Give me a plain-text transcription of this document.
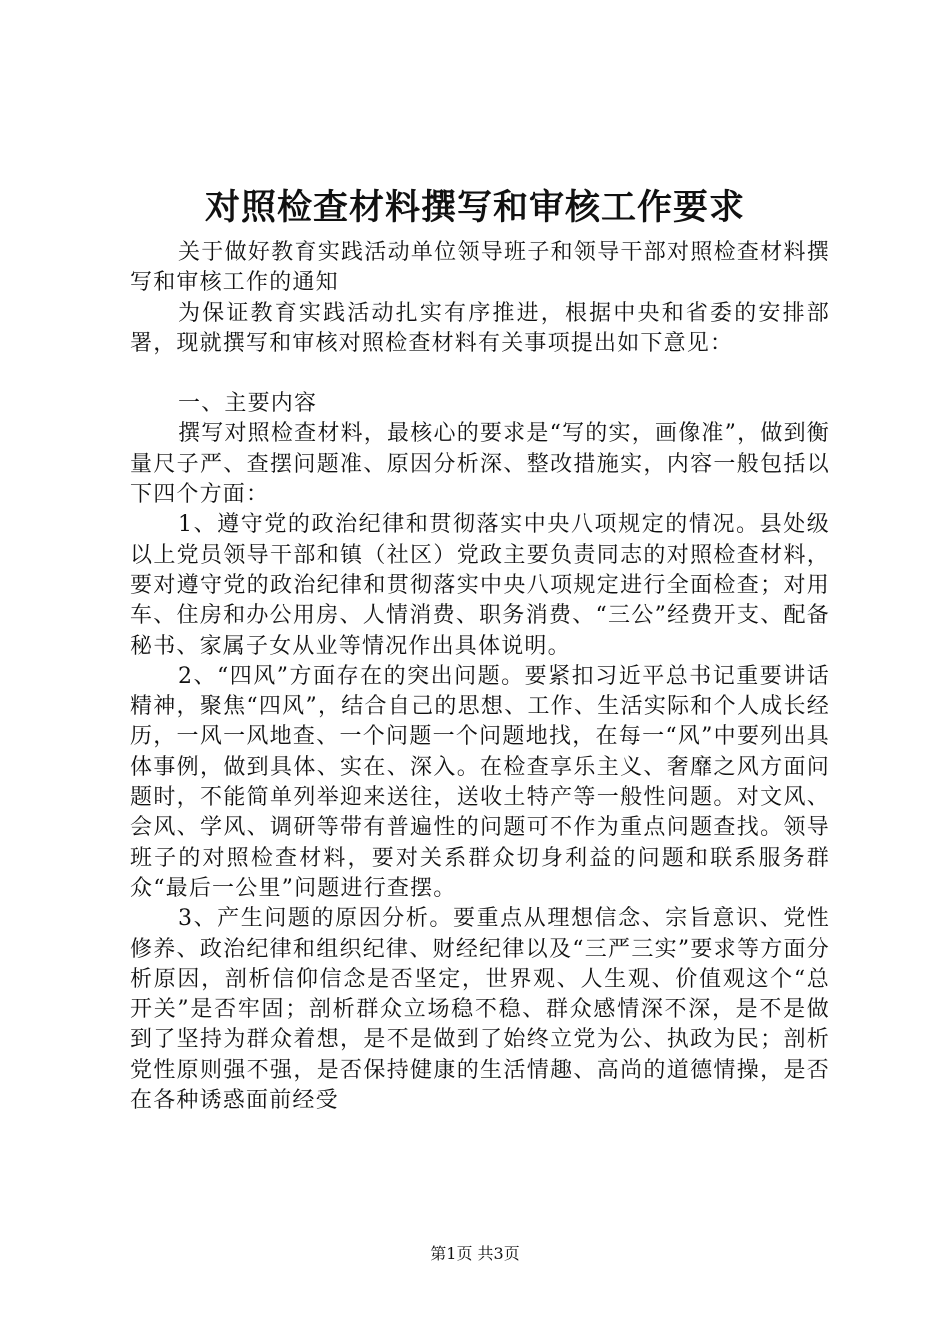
对照检查材料撰写和审核工作要求

关于做好教育实践活动单位领导班子和领导干部对照检查材料撰写和审核工作的通知

为保证教育实践活动扎实有序推进，根据中央和省委的安排部署，现就撰写和审核对照检查材料有关事项提出如下意见：

一、主要内容

撰写对照检查材料，最核心的要求是“写的实，画像准”，做到衡量尺子严、查摆问题准、原因分析深、整改措施实，内容一般包括以下四个方面：

1、遵守党的政治纪律和贯彻落实中央八项规定的情况。县处级以上党员领导干部和镇（社区）党政主要负责同志的对照检查材料，要对遵守党的政治纪律和贯彻落实中央八项规定进行全面检查；对用车、住房和办公用房、人情消费、职务消费、“三公”经费开支、配备秘书、家属子女从业等情况作出具体说明。

2、“四风”方面存在的突出问题。要紧扣习近平总书记重要讲话精神，聚焦“四风”，结合自己的思想、工作、生活实际和个人成长经历，一风一风地查、一个问题一个问题地找，在每一“风”中要列出具体事例，做到具体、实在、深入。在检查享乐主义、奢靡之风方面问题时，不能简单列举迎来送往，送收土特产等一般性问题。对文风、会风、学风、调研等带有普遍性的问题可不作为重点问题查找。领导班子的对照检查材料，要对关系群众切身利益的问题和联系服务群众“最后一公里”问题进行查摆。

3、产生问题的原因分析。要重点从理想信念、宗旨意识、党性修养、政治纪律和组织纪律、财经纪律以及“三严三实”要求等方面分析原因，剖析信仰信念是否坚定，世界观、人生观、价值观这个“总开关”是否牢固；剖析群众立场稳不稳、群众感情深不深，是不是做到了坚持为群众着想，是不是做到了始终立党为公、执政为民；剖析党性原则强不强，是否保持健康的生活情趣、高尚的道德情操，是否在各种诱惑面前经受

第1页 共3页
